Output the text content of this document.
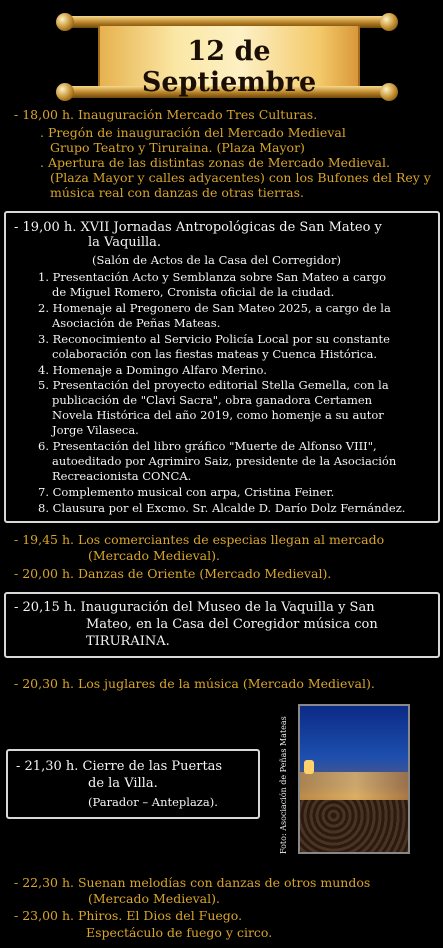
12 de Septiembre
- 18,00 h. Inauguración Mercado Tres Culturas.
. Pregón de inauguración del Mercado Medieval
Grupo Teatro y Tiruraina. (Plaza Mayor)
. Apertura de las distintas zonas de Mercado Medieval.
(Plaza Mayor y calles adyacentes) con los Bufones del Rey y
música real con danzas de otras tierras.
- 19,00 h. XVII Jornadas Antropológicas de San Mateo y
la Vaquilla.
(Salón de Actos de la Casa del Corregidor)
1. Presentación Acto y Semblanza sobre San Mateo a cargo
de Miguel Romero, Cronista oficial de la ciudad.
2. Homenaje al Pregonero de San Mateo 2025, a cargo de la
Asociación de Peñas Mateas.
3. Reconocimiento al Servicio Policía Local por su constante
colaboración con las fiestas mateas y Cuenca Histórica.
4. Homenaje a Domingo Alfaro Merino.
5. Presentación del proyecto editorial Stella Gemella, con la
publicación de "Clavi Sacra", obra ganadora Certamen
Novela Histórica del año 2019, como homenje a su autor
Jorge Vilaseca.
6. Presentación del libro gráfico "Muerte de Alfonso VIII",
autoeditado por Agrimiro Saiz, presidente de la Asociación
Recreacionista CONCA.
7. Complemento musical con arpa, Cristina Feiner.
8. Clausura por el Excmo. Sr. Alcalde D. Darío Dolz Fernández.
- 19,45 h. Los comerciantes de especias llegan al mercado
(Mercado Medieval).
- 20,00 h. Danzas de Oriente (Mercado Medieval).
- 20,15 h. Inauguración del Museo de la Vaquilla y San
Mateo, en la Casa del Coregidor música con
TIRURAINA.
- 20,30 h. Los juglares de la música (Mercado Medieval).
- 21,30 h. Cierre de las Puertas
de la Villa.
(Parador – Anteplaza).	Foto: Asociación de Peñas Mateas
- 22,30 h. Suenan melodías con danzas de otros mundos
(Mercado Medieval).
- 23,00 h. Phiros. El Dios del Fuego.
Espectáculo de fuego y circo.
